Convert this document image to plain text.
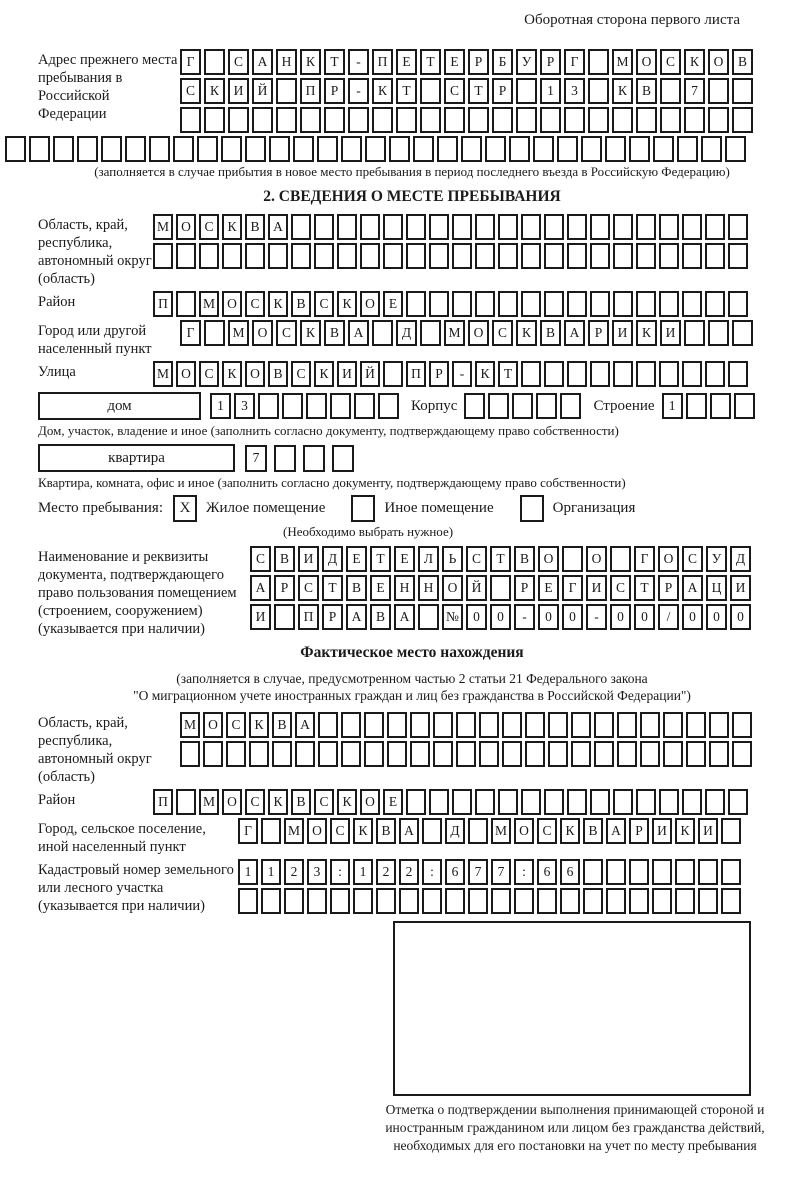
Оборотная сторона первого листа
Адрес прежнего места пребывания в Российской Федерации
Г	С	А	Н	К	Т	-	П	Е	Т	Е	Р	Б	У	Р	Г	М О	С	К	О	В
С	К	И	Й	П	Р	-	К	Т	С	Т	Р	1	3	К	В	7
(заполняется в случае прибытия в новое место пребывания в период последнего въезда в Российскую Федерацию)
2. СВЕДЕНИЯ О МЕСТЕ ПРЕБЫВАНИЯ
Область, край, республика, автономный округ (область)
М О	С	К	В	А
Район	П	М О	С	К	В	С	К	О	Е
Город или другой населенный пункт
Г	М О	С	К	В	А	Д	М О	С	К	В	А	Р	И	К	И
Улица	М О	С	К	О	В	С	К	И Й	П	Р	-	К	Т
дом	1	3	Корпус	Строение	1
Дом, участок, владение и иное (заполнить согласно документу, подтверждающему право собственности)
квартира	7
Квартира, комната, офис и иное (заполнить согласно документу, подтверждающему право собственности)
Место пребывания:	X	Жилое помещение	Иное помещение	Организация
(Необходимо выбрать нужное)
Наименование и реквизиты документа, подтверждающего право пользования помещением (строением, сооружением) (указывается при наличии)
С	В	И	Д	Е	Т	Е	Л	Ь	С	Т	В	О	О	Г	О	С	У	Д
А	Р	С	Т	В	Е	Н	Н	О	Й	Р	Е	Г	И	С	Т	Р	А	Ц	И
И	П	Р	А	В	А	№	0	0	-	0	0	-	0	0	/	0	0	0
Фактическое место нахождения
(заполняется в случае, предусмотренном частью 2 статьи 21 Федерального закона
"О миграционном учете иностранных граждан и лиц без гражданства в Российской Федерации")
Область, край, республика, автономный округ (область)
М О	С	К	В	А
Район	П	М О	С	К	В	С	К	О	Е
Город, сельское поселение, иной населенный пункт
Г	М О	С	К	В	А	Д	М О	С	К	В	А	Р	И	К	И
Кадастровый номер земельного или лесного участка (указывается при наличии)
1	1	2	3	:	1	2	2	:	6	7	7	:	6	6
Отметка о подтверждении выполнения принимающей стороной и иностранным гражданином или лицом без гражданства действий, необходимых для его постановки на учет по месту пребывания
